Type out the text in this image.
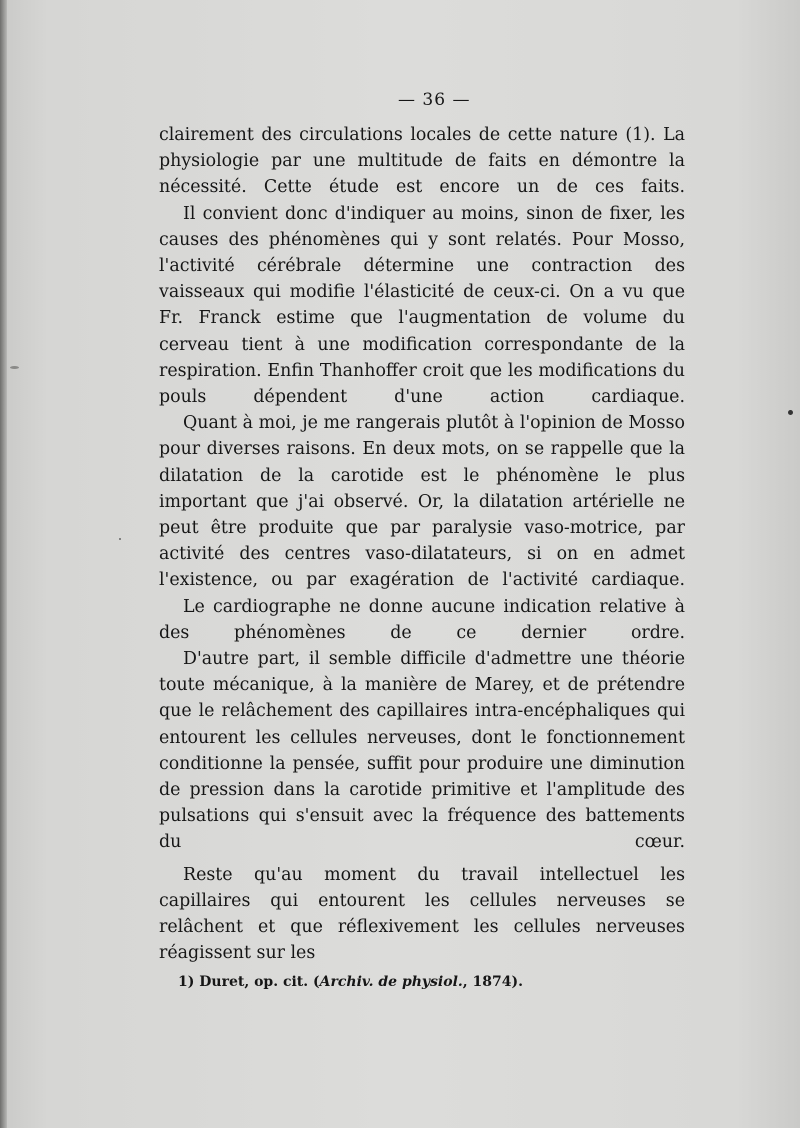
— 36 —

clairement des circulations locales de cette nature (1). La physiologie par une multitude de faits en démontre la nécessité. Cette étude est encore un de ces faits.

Il convient donc d'indiquer au moins, sinon de fixer, les causes des phénomènes qui y sont relatés. Pour Mosso, l'activité cérébrale détermine une contraction des vaisseaux qui modifie l'élasticité de ceux-ci. On a vu que Fr. Franck estime que l'augmentation de volume du cerveau tient à une modification correspondante de la respiration. Enfin Thanhoffer croit que les modifications du pouls dépendent d'une action cardiaque.

Quant à moi, je me rangerais plutôt à l'opinion de Mosso pour diverses raisons. En deux mots, on se rappelle que la dilatation de la carotide est le phénomène le plus important que j'ai observé. Or, la dilatation artérielle ne peut être produite que par paralysie vaso-motrice, par activité des centres vaso-dilatateurs, si on en admet l'existence, ou par exagération de l'activité cardiaque.

Le cardiographe ne donne aucune indication relative à des phénomènes de ce dernier ordre.

D'autre part, il semble difficile d'admettre une théorie toute mécanique, à la manière de Marey, et de prétendre que le relâchement des capillaires intra-encéphaliques qui entourent les cellules nerveuses, dont le fonctionnement conditionne la pensée, suffit pour produire une diminution de pression dans la carotide primitive et l'amplitude des pulsations qui s'ensuit avec la fréquence des battements du cœur.

Reste qu'au moment du travail intellectuel les capillaires qui entourent les cellules nerveuses se relâchent et que réflexivement les cellules nerveuses réagissent sur les

1) Duret, op. cit. (Archiv. de physiol., 1874).
